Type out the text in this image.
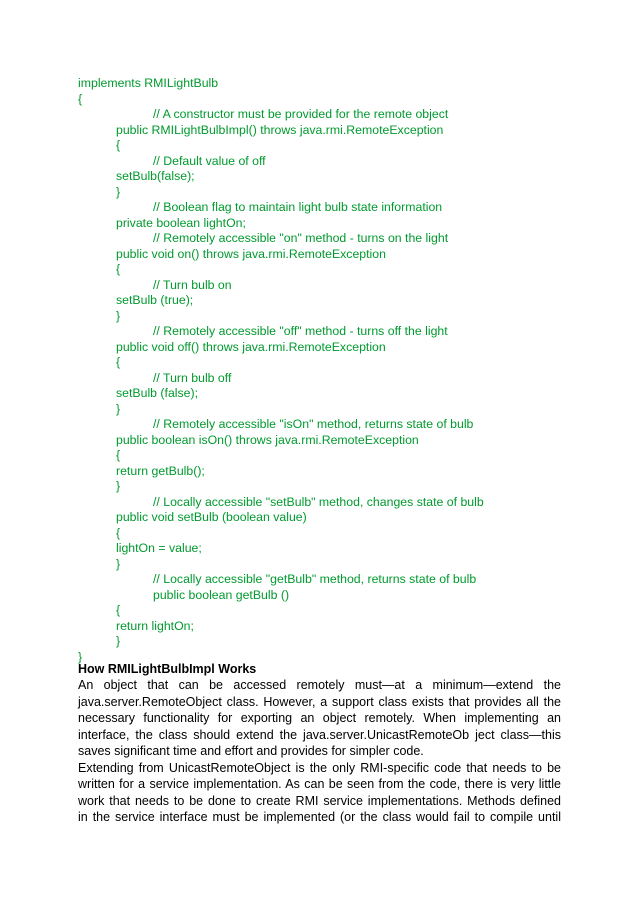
implements RMILightBulb
{
// A constructor must be provided for the remote object
public RMILightBulbImpl() throws java.rmi.RemoteException
{
// Default value of off
setBulb(false);
}
// Boolean flag to maintain light bulb state information
private boolean lightOn;
// Remotely accessible "on" method - turns on the light
public void on() throws java.rmi.RemoteException
{
// Turn bulb on
setBulb (true);
}
// Remotely accessible "off" method - turns off the light
public void off() throws java.rmi.RemoteException
{
// Turn bulb off
setBulb (false);
}
// Remotely accessible "isOn" method, returns state of bulb
public boolean isOn() throws java.rmi.RemoteException
{
return getBulb();
}
// Locally accessible "setBulb" method, changes state of bulb
public void setBulb (boolean value)
{
lightOn = value;
}
// Locally accessible "getBulb" method, returns state of bulb
public boolean getBulb ()
{
return lightOn;
}
}
How RMILightBulbImpl Works
An object that can be accessed remotely must—at a minimum—extend the
java.server.RemoteObject class. However, a support class exists that provides all the
necessary functionality for exporting an object remotely. When implementing an
interface, the class should extend the java.server.UnicastRemoteOb ject class—this
saves significant time and effort and provides for simpler code.
Extending from UnicastRemoteObject is the only RMI-specific code that needs to be
written for a service implementation. As can be seen from the code, there is very little
work that needs to be done to create RMI service implementations. Methods defined
in the service interface must be implemented (or the class would fail to compile until
